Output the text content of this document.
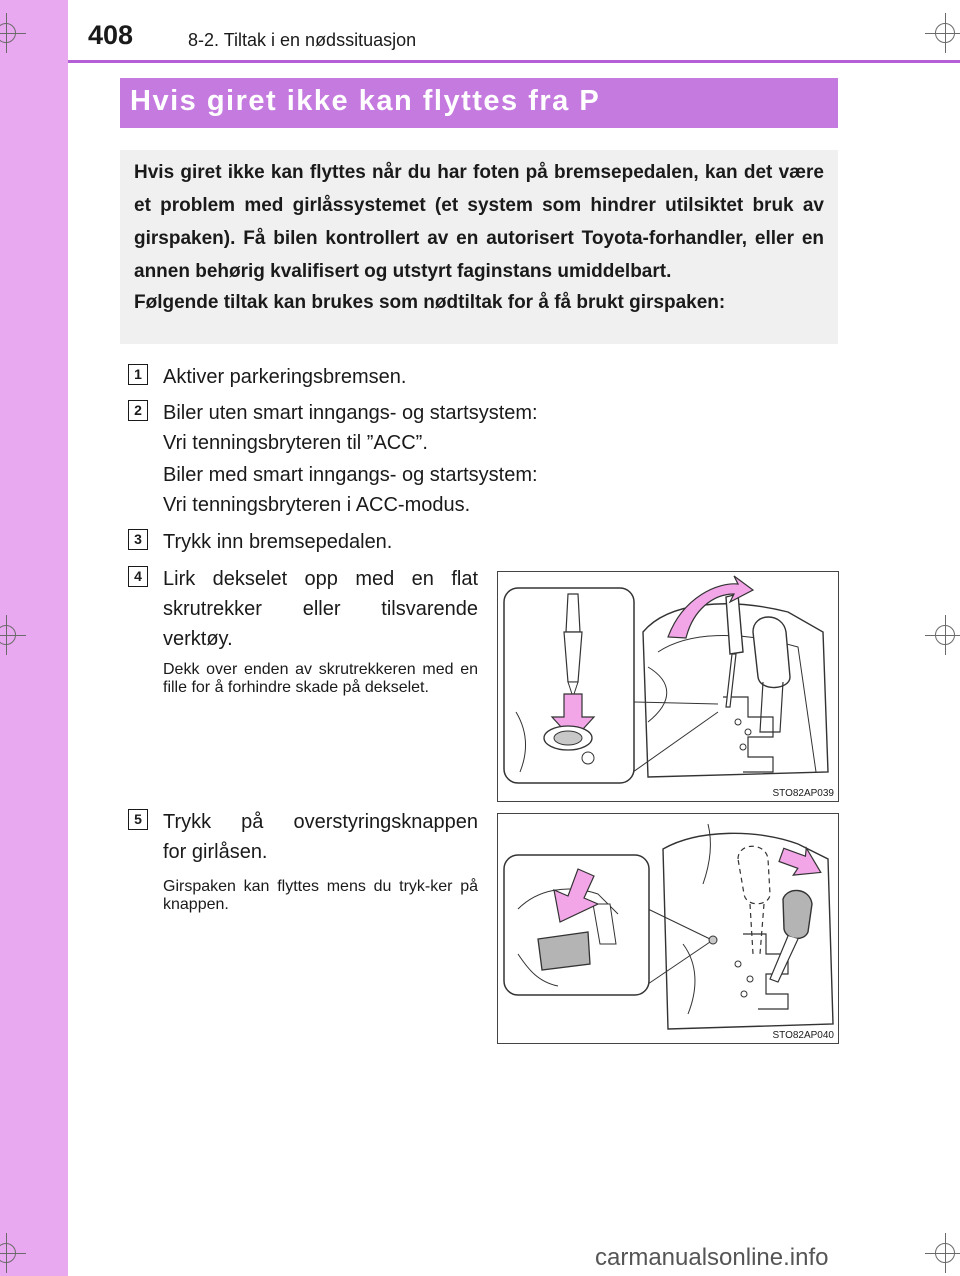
408	8-2. Tiltak i en nødssituasjon
Hvis giret ikke kan flyttes fra P

Hvis giret ikke kan flyttes når du har foten på bremsepedalen, kan det være et problem med girlåssystemet (et system som hindrer utilsiktet bruk av girspaken). Få bilen kontrollert av en autorisert Toyota-forhandler, eller en annen behørig kvalifisert og utstyrt faginstans umiddelbart.

Følgende tiltak kan brukes som nødtiltak for å få brukt girspaken:

1	Aktiver parkeringsbremsen.
2	Biler uten smart inngangs- og startsystem:
Vri tenningsbryteren til ”ACC”.
Biler med smart inngangs- og startsystem:
Vri tenningsbryteren i ACC-modus.
3	Trykk inn bremsepedalen.
4	Lirk dekselet opp med en flat
skrutrekker eller tilsvarende
verktøy.
Dekk over enden av skrutrekkeren med en fille for å forhindre skade på dekselet.
STO82AP039
5	Trykk på overstyringsknappen
for girlåsen.
Girspaken kan flyttes mens du tryk-ker på knappen.
STO82AP040
carmanualsonline.info
